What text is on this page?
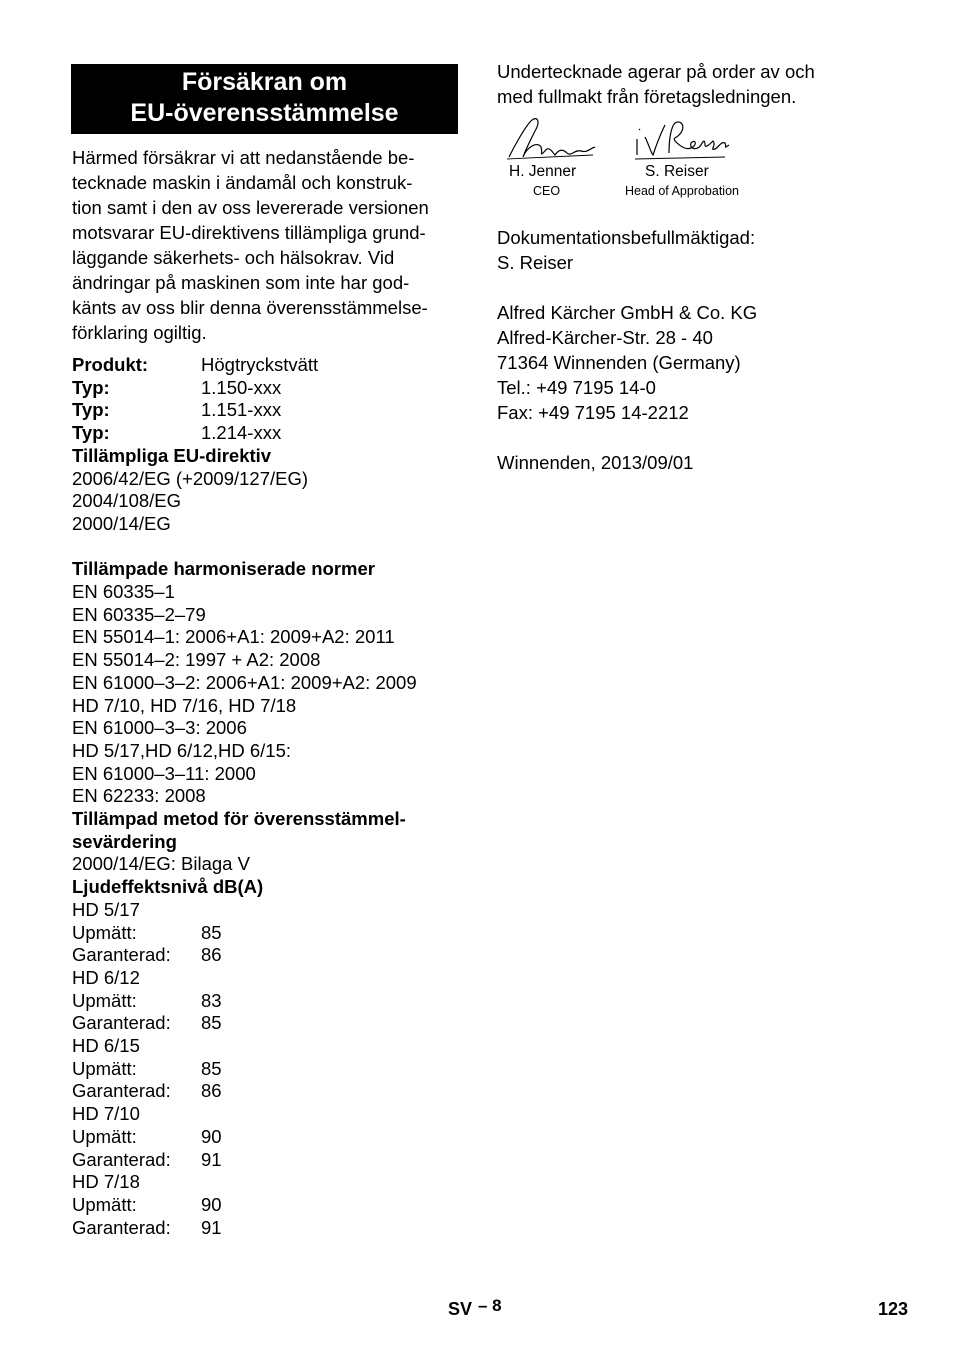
Försäkran om
EU-överensstämmelse
Härmed försäkrar vi att nedanstående be-
tecknade maskin i ändamål och konstruk-
tion samt i den av oss levererade versionen
motsvarar EU-direktivens tillämpliga grund-
läggande säkerhets- och hälsokrav. Vid
ändringar på maskinen som inte har god-
känts av oss blir denna överensstämmelse-
förklaring ogiltig.
Produkt:	Högtryckstvätt
Typ:	1.150-xxx
Typ:	1.151-xxx
Typ:	1.214-xxx
Tillämpliga EU-direktiv
2006/42/EG (+2009/127/EG)
2004/108/EG
2000/14/EG
Tillämpade harmoniserade normer
EN 60335–1
EN 60335–2–79
EN 55014–1: 2006+A1: 2009+A2: 2011
EN 55014–2: 1997 + A2: 2008
EN 61000–3–2: 2006+A1: 2009+A2: 2009
HD 7/10, HD 7/16, HD 7/18
EN 61000–3–3: 2006
HD 5/17,HD 6/12,HD 6/15:
EN 61000–3–11: 2000
EN 62233: 2008
Tillämpad metod för överensstämmel-
sevärdering
2000/14/EG: Bilaga V
Ljudeffektsnivå dB(A)
HD 5/17
Upmätt:	85
Garanterad:	86
HD 6/12
Upmätt:	83
Garanterad:	85
HD 6/15
Upmätt:	85
Garanterad:	86
HD 7/10
Upmätt:	90
Garanterad:	91
HD 7/18
Upmätt:	90
Garanterad:	91
Undertecknade agerar på order av och
med fullmakt från företagsledningen.
H. Jenner
CEO
S. Reiser
Head of Approbation
Dokumentationsbefullmäktigad:
S. Reiser
Alfred Kärcher GmbH & Co. KG
Alfred-Kärcher-Str. 28 - 40
71364 Winnenden (Germany)
Tel.: +49 7195 14-0
Fax: +49 7195 14-2212
Winnenden, 2013/09/01
SV – 8	123
